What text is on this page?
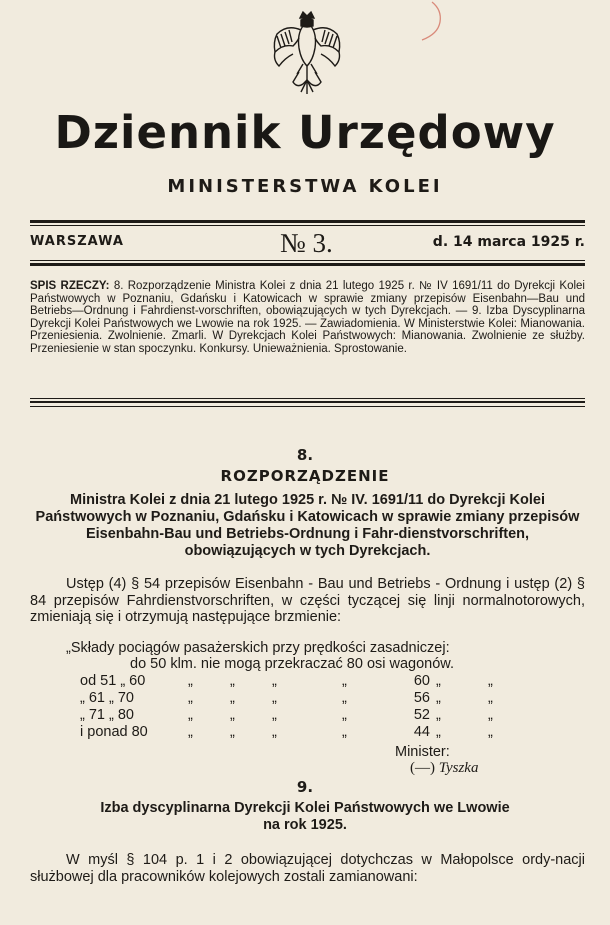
Dziennik Urzędowy
MINISTERSTWA KOLEI
WARSZAWA	№ 3.	d. 14 marca 1925 r.
SPIS RZECZY: 8. Rozporządzenie Ministra Kolei z dnia 21 lutego 1925 r. № IV 1691/11 do Dyrekcji Kolei Państwowych w Poznaniu, Gdańsku i Katowicach w sprawie zmiany przepisów Eisenbahn—Bau und Betriebs—Ordnung i Fahrdienst-vorschriften, obowiązujących w tych Dyrekcjach. — 9. Izba Dyscyplinarna Dyrekcji Kolei Państwowych we Lwowie na rok 1925. — Zawiadomienia. W Ministerstwie Kolei: Mianowania. Przeniesienia. Zwolnienie. Zmarli. W Dyrekcjach Kolei Państwowych: Mianowania. Zwolnienie ze służby. Przeniesienie w stan spoczynku. Konkursy. Unieważnienia. Sprostowanie.
8.
ROZPORZĄDZENIE
Ministra Kolei z dnia 21 lutego 1925 r. № IV. 1691/11 do Dyrekcji Kolei Państwowych w Poznaniu, Gdańsku i Katowicach w sprawie zmiany przepisów Eisenbahn-Bau und Betriebs-Ordnung i Fahr-dienstvorschriften, obowiązujących w tych Dyrekcjach.
Ustęp (4) § 54 przepisów Eisenbahn - Bau und Betriebs - Ordnung i ustęp (2) § 84 przepisów Fahrdienstvorschriften, w części tyczącej się linji normalnotorowych, zmieniają się i otrzymują następujące brzmienie:
„Składy pociągów pasażerskich przy prędkości zasadniczej:
do 50 klm. nie mogą przekraczać 80 osi wagonów.
od 51 „ 60	„	„	„	„	60 „	„
„ 61 „ 70	„	„	„	„	56 „	„
„ 71 „ 80	„	„	„	„	52 „	„
i ponad 80	„	„	„	„	44 „	„
Minister:
(—) Tyszka
9.
Izba dyscyplinarna Dyrekcji Kolei Państwowych we Lwowie na rok 1925.
W myśl § 104 p. 1 i 2 obowiązującej dotychczas w Małopolsce ordy-nacji służbowej dla pracowników kolejowych zostali zamianowani:
